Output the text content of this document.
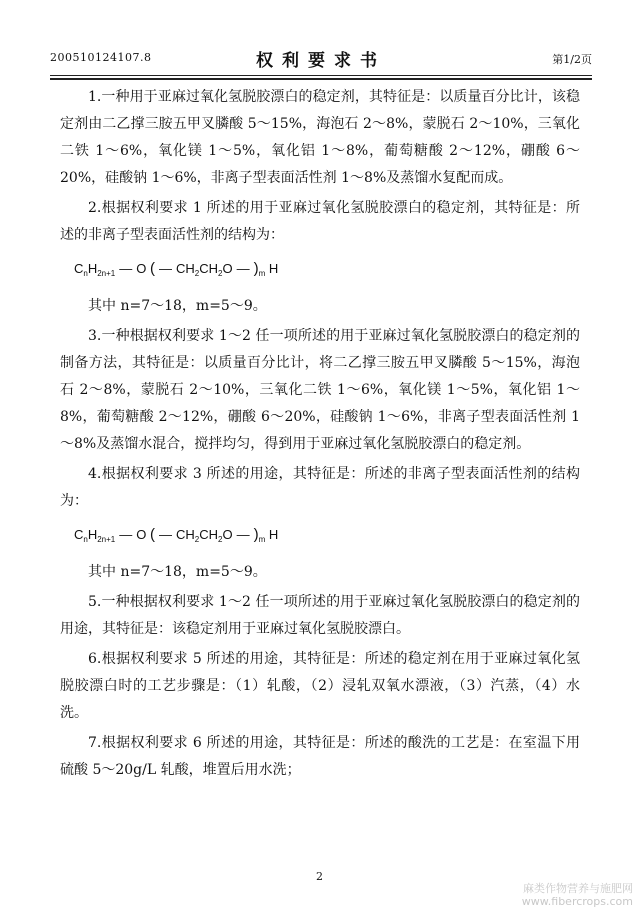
200510124107.8	权利要求书	第1/2页

1.一种用于亚麻过氧化氢脱胶漂白的稳定剂，其特征是：以质量百分比计，该稳定剂由二乙撑三胺五甲叉膦酸 5～15%，海泡石 2～8%，蒙脱石 2～10%，三氧化二铁 1～6%，氧化镁 1～5%，氧化铝 1～8%，葡萄糖酸 2～12%，硼酸 6～20%，硅酸钠 1～6%，非离子型表面活性剂 1～8%及蒸馏水复配而成。

2.根据权利要求 1 所述的用于亚麻过氧化氢脱胶漂白的稳定剂，其特征是：所述的非离子型表面活性剂的结构为：

$C_nH_{2n+1}$ — O ( — $CH_2CH_2O$ — )$_m$ H

其中 n=7～18，m=5～9。

3.一种根据权利要求 1～2 任一项所述的用于亚麻过氧化氢脱胶漂白的稳定剂的制备方法，其特征是：以质量百分比计，将二乙撑三胺五甲叉膦酸 5～15%，海泡石 2～8%，蒙脱石 2～10%，三氧化二铁 1～6%，氧化镁 1～5%，氧化铝 1～8%，葡萄糖酸 2～12%，硼酸 6～20%，硅酸钠 1～6%，非离子型表面活性剂 1～8%及蒸馏水混合，搅拌均匀，得到用于亚麻过氧化氢脱胶漂白的稳定剂。

4.根据权利要求 3 所述的用途，其特征是：所述的非离子型表面活性剂的结构为：

$C_nH_{2n+1}$ — O ( — $CH_2CH_2O$ — )$_m$ H

其中 n=7～18，m=5～9。

5.一种根据权利要求 1～2 任一项所述的用于亚麻过氧化氢脱胶漂白的稳定剂的用途，其特征是：该稳定剂用于亚麻过氧化氢脱胶漂白。

6.根据权利要求 5 所述的用途，其特征是：所述的稳定剂在用于亚麻过氧化氢脱胶漂白时的工艺步骤是：（1）轧酸，（2）浸轧双氧水漂液，（3）汽蒸，（4）水洗。

7.根据权利要求 6 所述的用途，其特征是：所述的酸洗的工艺是：在室温下用硫酸 5～20g/L 轧酸，堆置后用水洗；

2
麻类作物营养与施肥网
www.fibercrops.com
